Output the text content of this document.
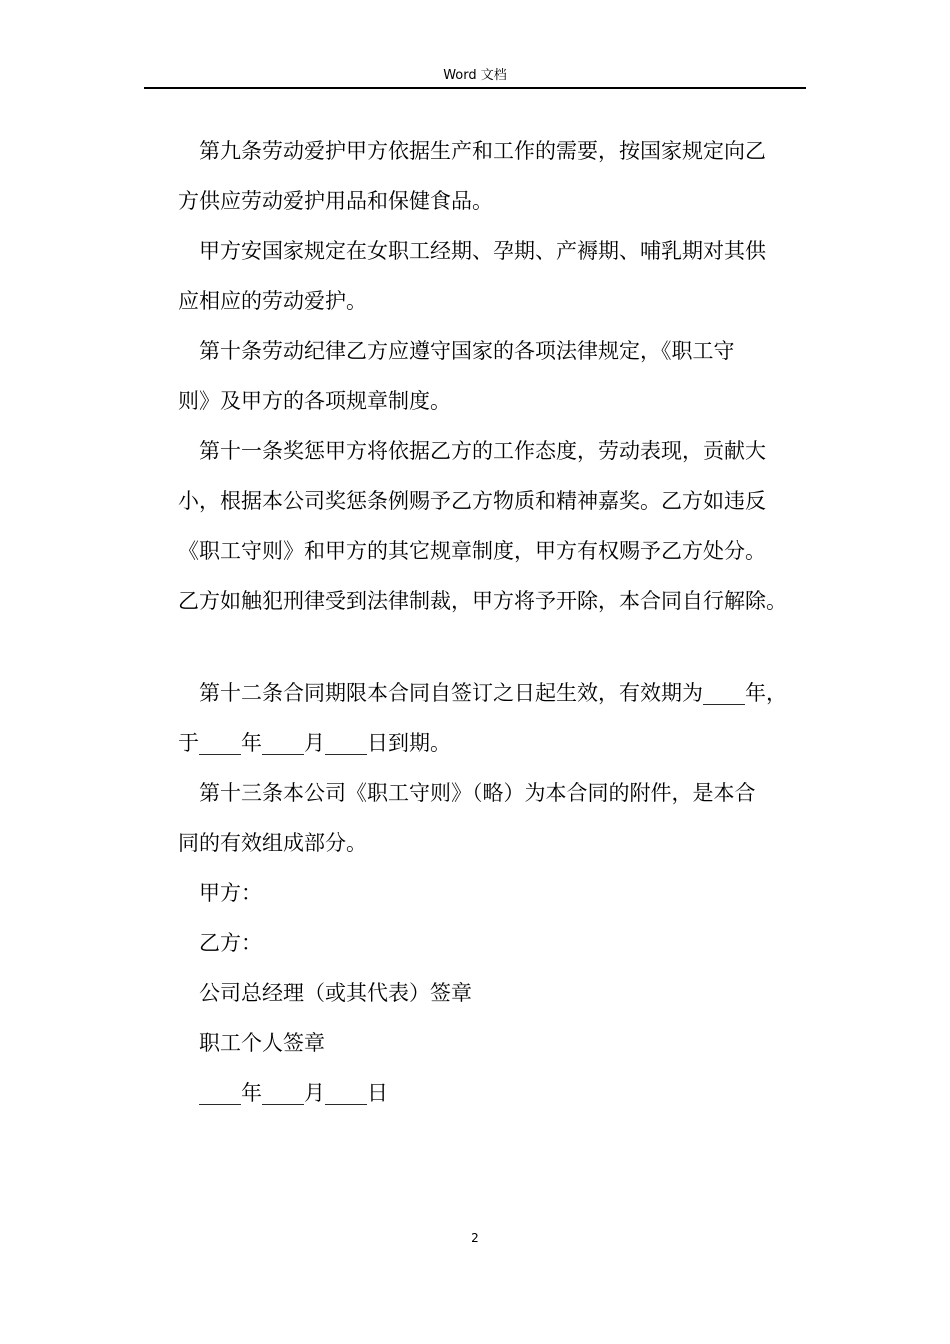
Word 文档

第九条劳动爱护甲方依据生产和工作的需要，按国家规定向乙

方供应劳动爱护用品和保健食品。

甲方安国家规定在女职工经期、孕期、产褥期、哺乳期对其供

应相应的劳动爱护。

第十条劳动纪律乙方应遵守国家的各项法律规定，《职工守

则》及甲方的各项规章制度。

第十一条奖惩甲方将依据乙方的工作态度，劳动表现，贡献大

小，根据本公司奖惩条例赐予乙方物质和精神嘉奖。乙方如违反

《职工守则》和甲方的其它规章制度，甲方有权赐予乙方处分。

乙方如触犯刑律受到法律制裁，甲方将予开除，本合同自行解除。

第十二条合同期限本合同自签订之日起生效，有效期为____年，

于____年____月____日到期。

第十三条本公司《职工守则》（略）为本合同的附件，是本合

同的有效组成部分。

甲方：

乙方：

公司总经理（或其代表）签章

职工个人签章

____年____月____日

2
